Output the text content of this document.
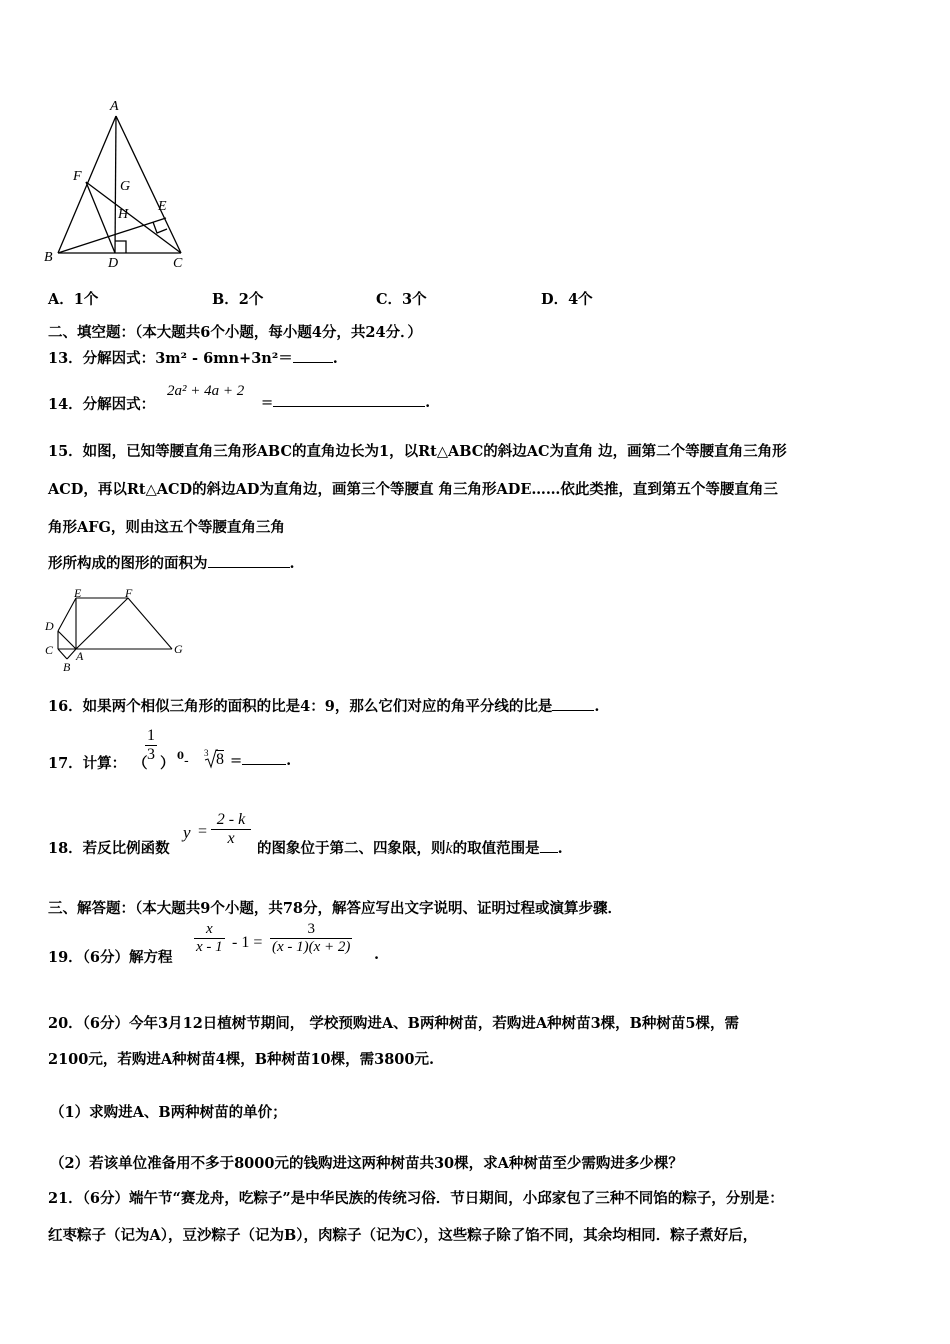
A
B	C
D
E
F
G
H
A．1个	B．2个	C．3个	D．4个
二、填空题：（本大题共6个小题，每小题4分，共24分．）
13．分解因式：3m² - 6mn+3n²＝	.
14．分解因式：
2a² + 4a + 2
=	.
15．如图，已知等腰直角三角形ABC的直角边长为1，以Rt△ABC的斜边AC为直角 边，画第二个等腰直角三角形
ACD，再以Rt△ACD的斜边AD为直角边，画第三个等腰直 角三角形ADE……依此类推，直到第五个等腰直角三
角形AFG，则由这五个等腰直角三角
形所构成的图形的面积为	.
E	F
D
C A
B
G
16．如果两个相似三角形的面积的比是4：9，那么它们对应的角平分线的比是	.
17．计算： （
$\frac{1}{3}$ ） 0 - 3 8 =	.
18．若反比例函数
$y = \frac{2 - k}{x}$
的图象位于第二、四象限，则k的取值范围是 .
三、解答题：（本大题共9个小题，共78分，解答应写出文字说明、证明过程或演算步骤．
19．（6分）解方程
$\frac{x}{x - 1} - 1 = \frac{3}{(x - 1)(x + 2)}$ .
20．（6分）今年3月12日植树节期间， 学校预购进A、B两种树苗，若购进A种树苗3棵，B种树苗5棵，需
2100元，若购进A种树苗4棵，B种树苗10棵，需3800元.
（1）求购进A、B两种树苗的单价；
（2）若该单位准备用不多于8000元的钱购进这两种树苗共30棵，求A种树苗至少需购进多少棵？
21．（6分）端午节“赛龙舟，吃粽子”是中华民族的传统习俗．节日期间，小邱家包了三种不同馅的粽子，分别是：
红枣粽子（记为A），豆沙粽子（记为B），肉粽子（记为C），这些粽子除了馅不同，其余均相同．粽子煮好后，
